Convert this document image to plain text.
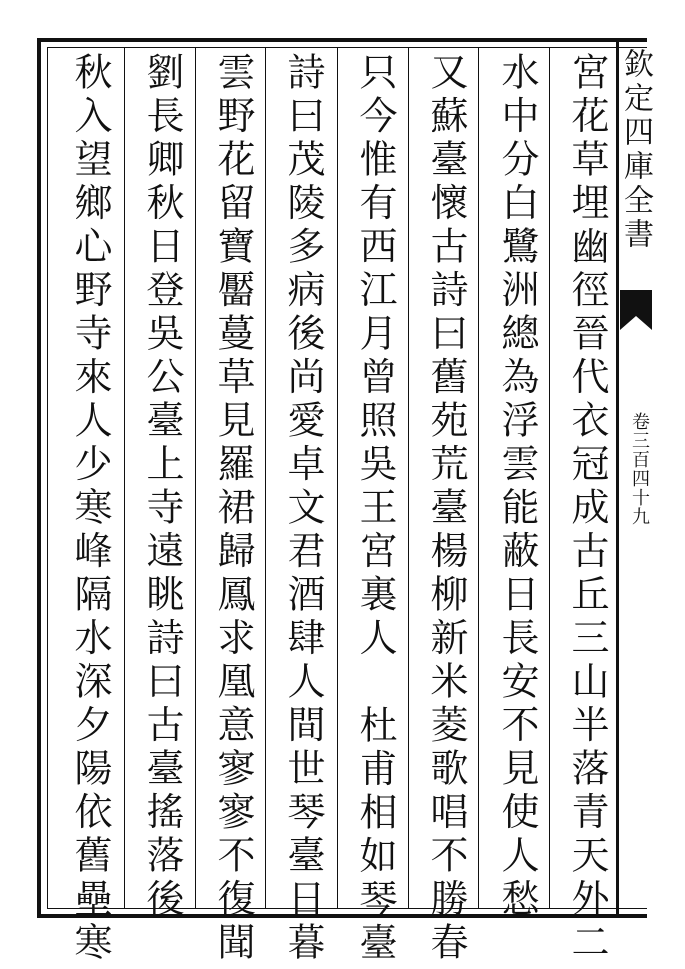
宮花草埋幽徑晉代衣冠成古丘三山半落青天外二
水中分白鷺洲總為浮雲能蔽日長安不見使人愁
又蘇臺懷古詩曰舊苑荒臺楊柳新米菱歌唱不勝春
只今惟有西江月曾照吳王宮裏人杜甫相如琴臺
詩曰茂陵多病後尚愛卓文君酒肆人間世琴臺日暮
雲野花留寶靨蔓草見羅裙歸鳳求凰意寥寥不復聞
劉長卿秋日登吳公臺上寺遠眺詩曰古臺搖落後
秋入望鄉心野寺來人少寒峰隔水深夕陽依舊壘寒	欽定四庫全書
卷三百四十九
